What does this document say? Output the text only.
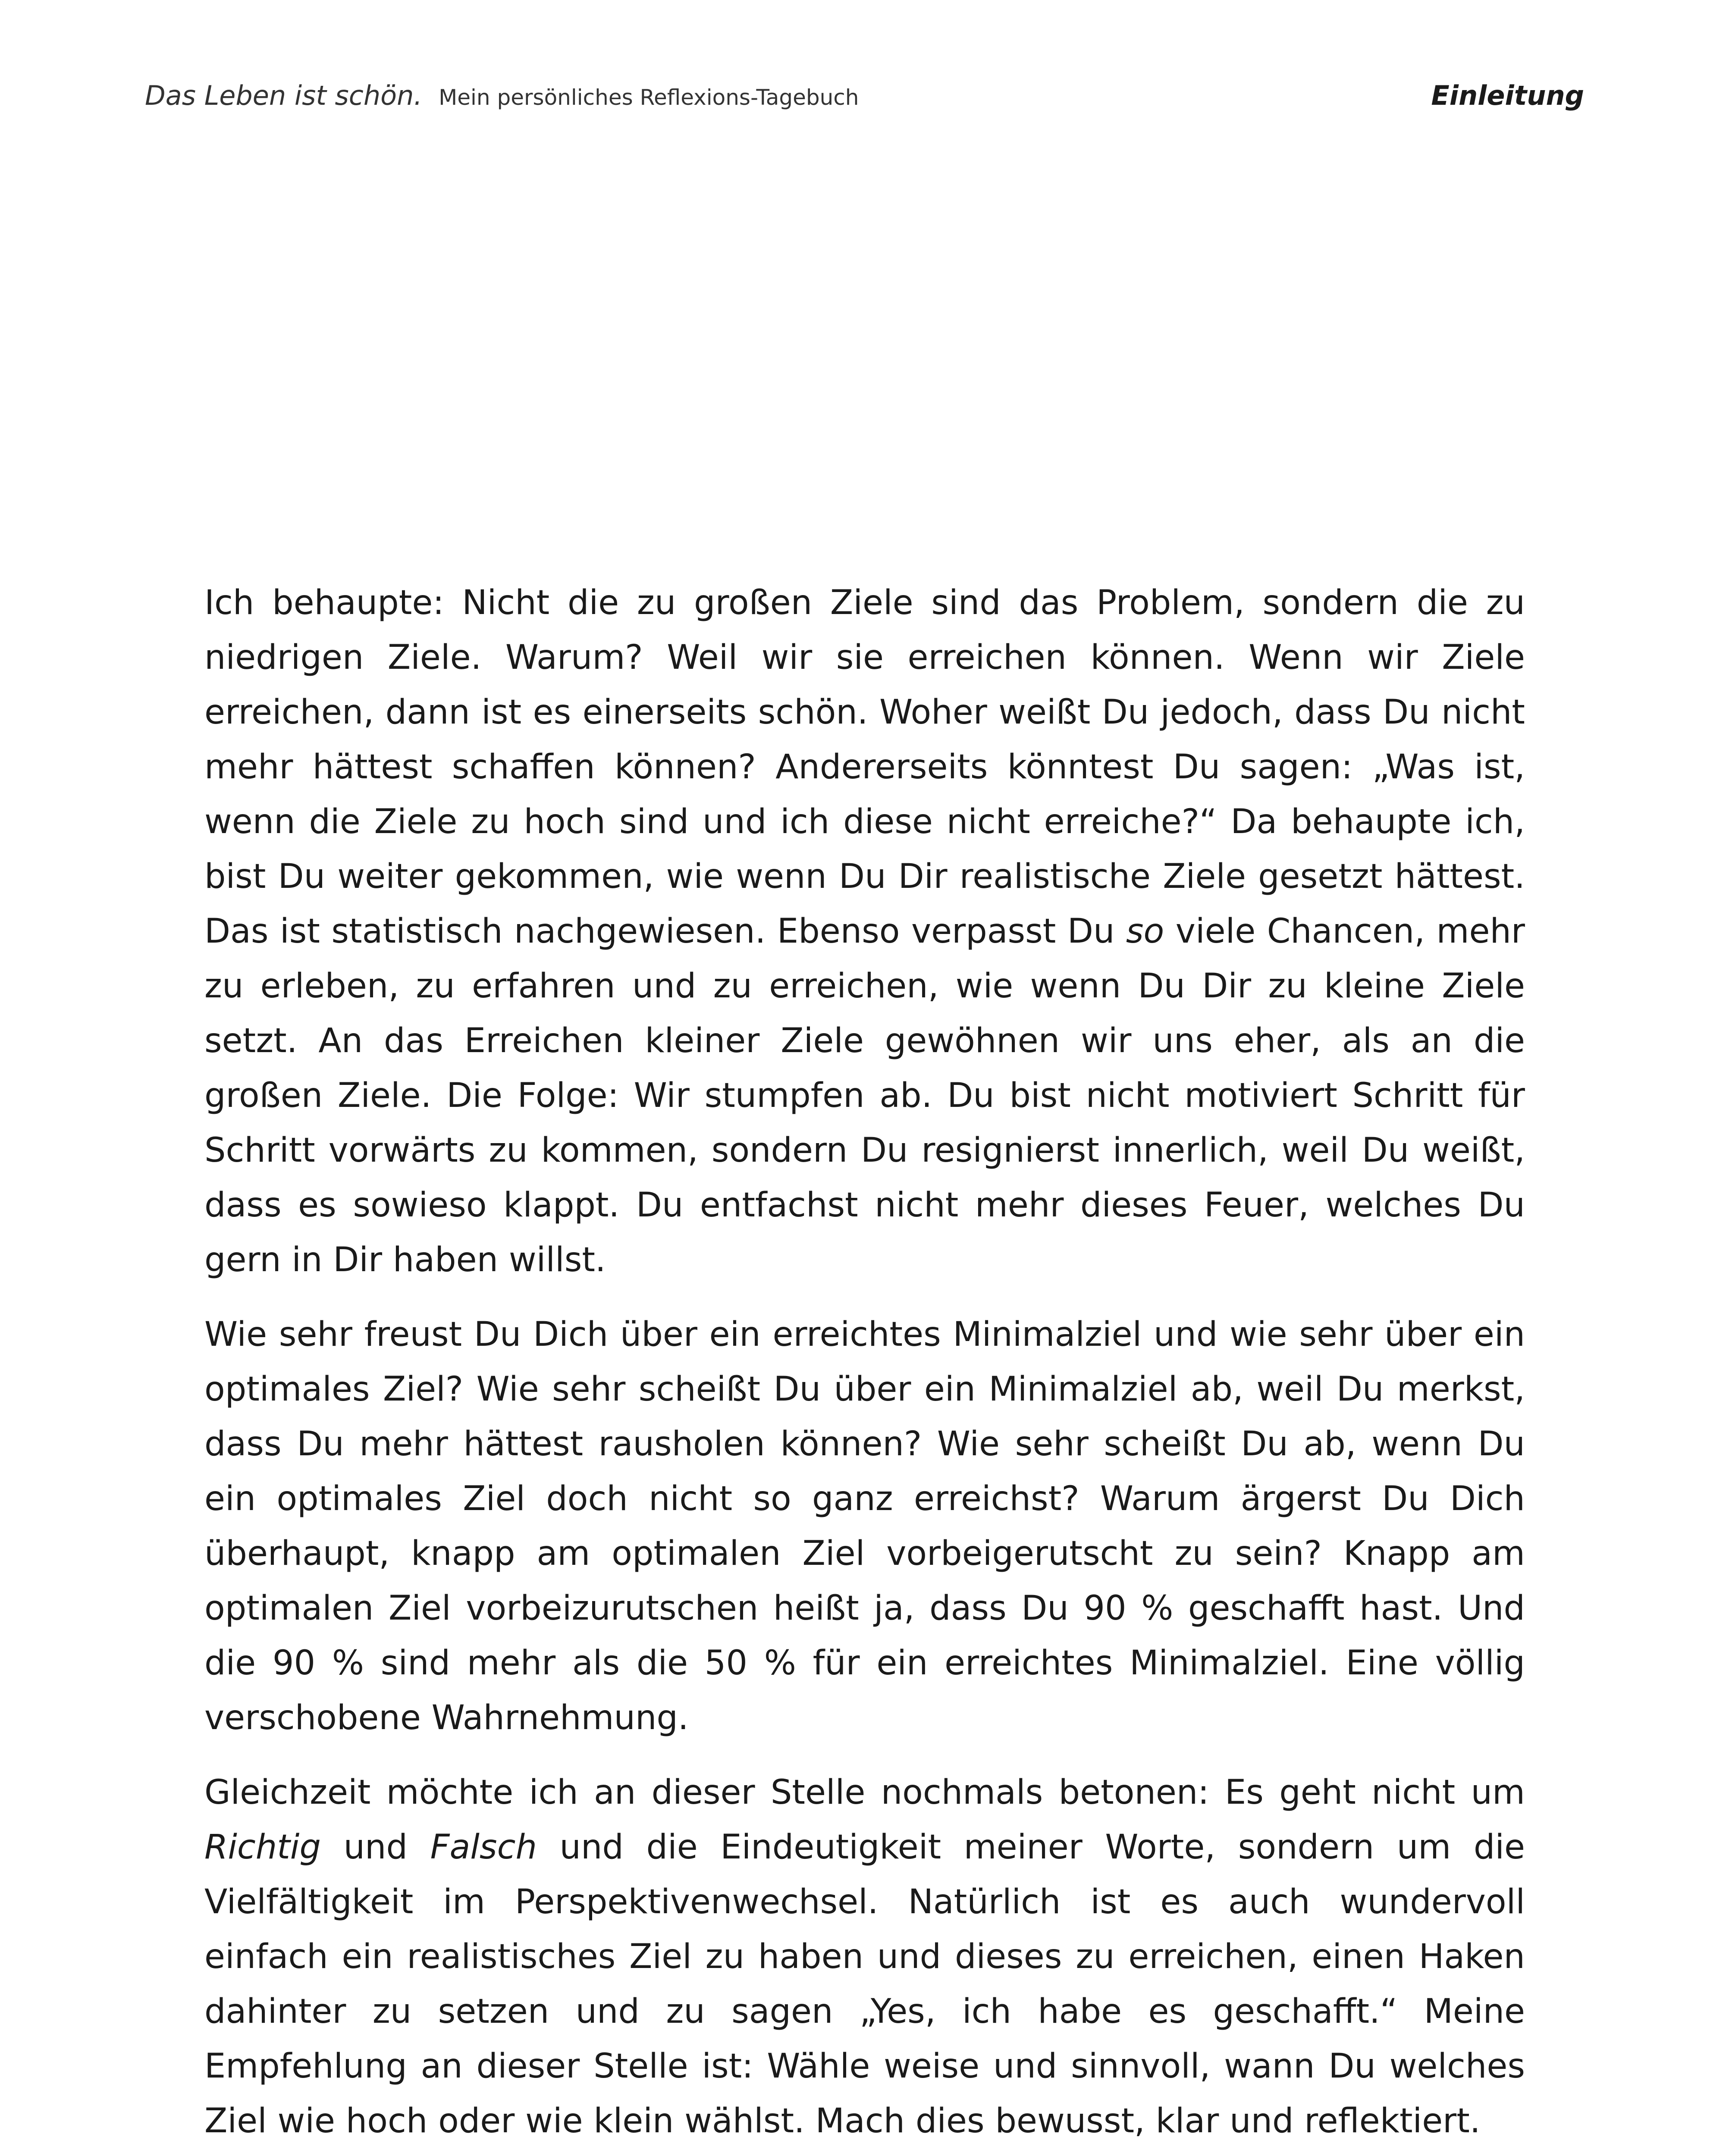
Das Leben ist schön. Mein persönliches Reflexions-Tagebuch	Einleitung

Ich behaupte: Nicht die zu großen Ziele sind das Problem, sondern die zu niedrigen Ziele. Warum? Weil wir sie erreichen können. Wenn wir Ziele erreichen, dann ist es einerseits schön. Woher weißt Du jedoch, dass Du nicht mehr hättest schaffen können? Andererseits könntest Du sagen: „Was ist, wenn die Ziele zu hoch sind und ich diese nicht erreiche?“ Da behaupte ich, bist Du weiter gekommen, wie wenn Du Dir realistische Ziele gesetzt hättest. Das ist statistisch nachgewiesen. Ebenso verpasst Du so viele Chancen, mehr zu erleben, zu erfahren und zu erreichen, wie wenn Du Dir zu kleine Ziele setzt. An das Erreichen kleiner Ziele gewöhnen wir uns eher, als an die großen Ziele. Die Folge: Wir stumpfen ab. Du bist nicht motiviert Schritt für Schritt vorwärts zu kommen, sondern Du resignierst innerlich, weil Du weißt, dass es sowieso klappt. Du entfachst nicht mehr dieses Feuer, welches Du gern in Dir haben willst.

Wie sehr freust Du Dich über ein erreichtes Minimalziel und wie sehr über ein optimales Ziel? Wie sehr scheißt Du über ein Minimalziel ab, weil Du merkst, dass Du mehr hättest rausholen können? Wie sehr scheißt Du ab, wenn Du ein optimales Ziel doch nicht so ganz erreichst? Warum ärgerst Du Dich überhaupt, knapp am optimalen Ziel vorbeigerutscht zu sein? Knapp am optimalen Ziel vorbeizurutschen heißt ja, dass Du 90 % geschafft hast. Und die 90 % sind mehr als die 50 % für ein erreichtes Minimalziel. Eine völlig verschobene Wahrnehmung.

Gleichzeit möchte ich an dieser Stelle nochmals betonen: Es geht nicht um Richtig und Falsch und die Eindeutigkeit meiner Worte, sondern um die Vielfältigkeit im Perspektivenwechsel. Natürlich ist es auch wundervoll einfach ein realistisches Ziel zu haben und dieses zu erreichen, einen Haken dahinter zu setzen und zu sagen „Yes, ich habe es geschafft.“ Meine Empfehlung an dieser Stelle ist: Wähle weise und sinnvoll, wann Du welches Ziel wie hoch oder wie klein wählst. Mach dies bewusst, klar und reflektiert.
